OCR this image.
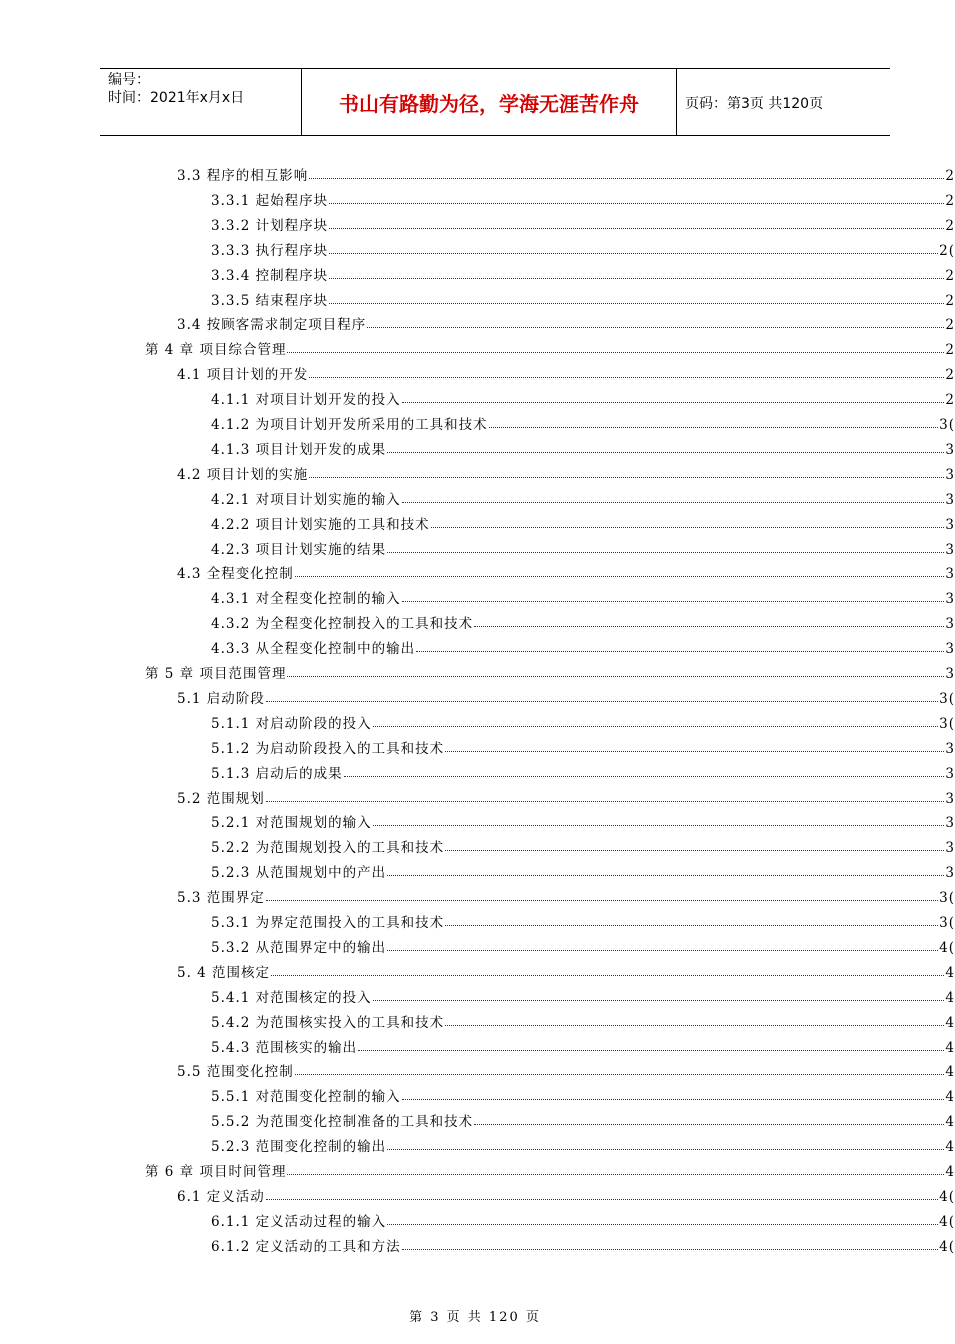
编号：
时间：2021年x月x日	书山有路勤为径，学海无涯苦作舟	页码：第3页 共120页
3.3 程序的相互影响	2
3.3.1 起始程序块	2
3.3.2 计划程序块	2
3.3.3 执行程序块	2(
3.3.4 控制程序块	2
3.3.5 结束程序块	2
3.4 按顾客需求制定项目程序	2
第 4 章 项目综合管理	2
4.1 项目计划的开发	2
4.1.1 对项目计划开发的投入	2
4.1.2 为项目计划开发所采用的工具和技术	3(
4.1.3 项目计划开发的成果	3
4.2 项目计划的实施	3
4.2.1 对项目计划实施的输入	3
4.2.2 项目计划实施的工具和技术	3
4.2.3 项目计划实施的结果	3
4.3 全程变化控制	3
4.3.1 对全程变化控制的输入	3
4.3.2 为全程变化控制投入的工具和技术	3
4.3.3 从全程变化控制中的输出	3
第 5 章 项目范围管理	3
5.1 启动阶段	3(
5.1.1 对启动阶段的投入	3(
5.1.2 为启动阶段投入的工具和技术	3
5.1.3 启动后的成果	3
5.2 范围规划	3
5.2.1 对范围规划的输入	3
5.2.2 为范围规划投入的工具和技术	3
5.2.3 从范围规划中的产出	3
5.3 范围界定	3(
5.3.1 为界定范围投入的工具和技术	3(
5.3.2 从范围界定中的输出	4(
5. 4 范围核定	4
5.4.1 对范围核定的投入	4
5.4.2 为范围核实投入的工具和技术	4
5.4.3 范围核实的输出	4
5.5 范围变化控制	4
5.5.1 对范围变化控制的输入	4
5.5.2 为范围变化控制准备的工具和技术	4
5.2.3 范围变化控制的输出	4
第 6 章 项目时间管理	4
6.1 定义活动	4(
6.1.1 定义活动过程的输入	4(
6.1.2 定义活动的工具和方法	4(
第 3 页 共 120 页
